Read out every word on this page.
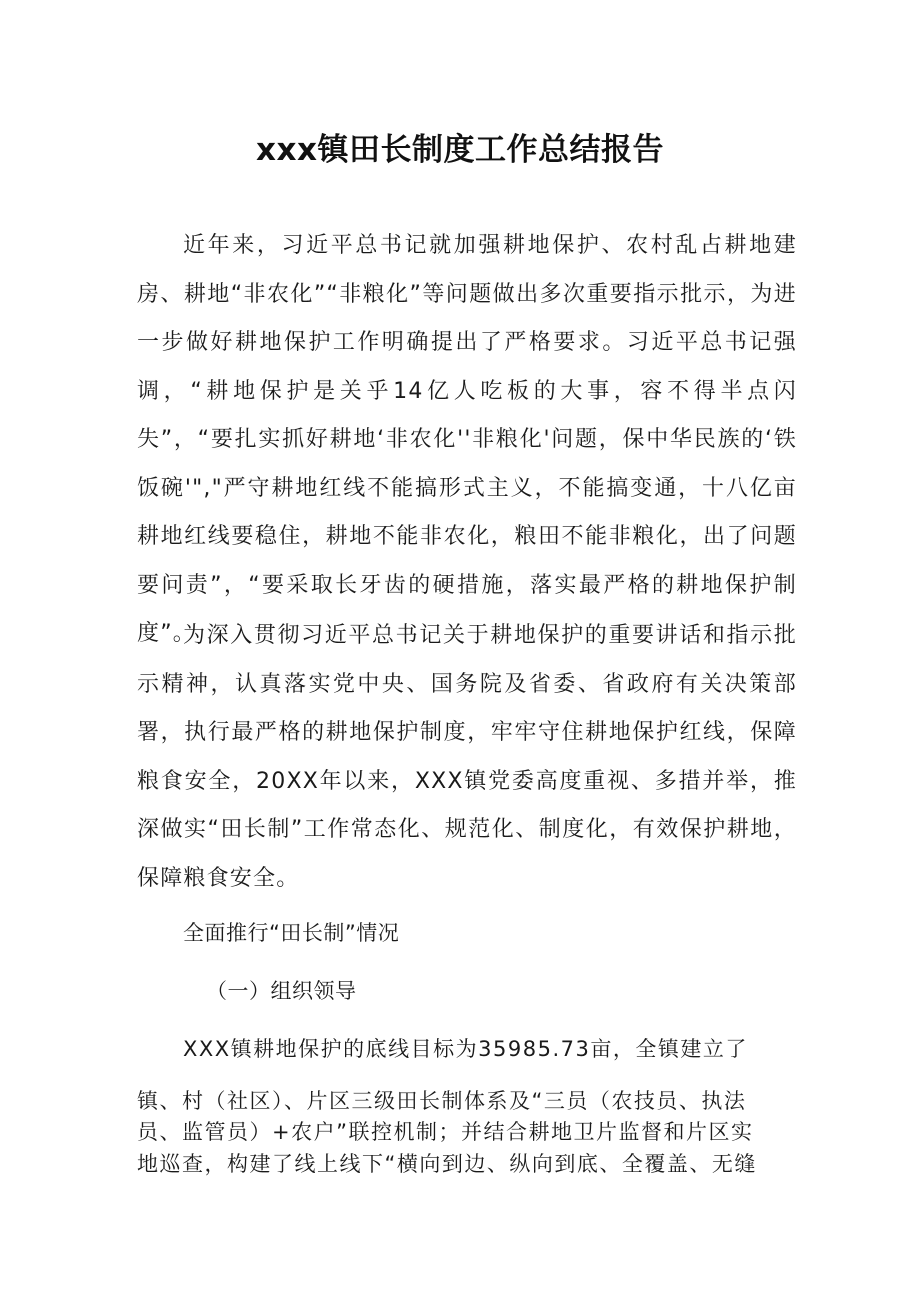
xxx镇田长制度工作总结报告

近年来，习近平总书记就加强耕地保护、农村乱占耕地建房、耕地“非农化”“非粮化”等问题做出多次重要指示批示，为进一步做好耕地保护工作明确提出了严格要求。习近平总书记强调，“耕地保护是关乎14亿人吃板的大事，容不得半点闪失”，“要扎实抓好耕地‘非农化''非粮化'问题，保中华民族的‘铁饭碗'","严守耕地红线不能搞形式主义，不能搞变通，十八亿亩耕地红线要稳住，耕地不能非农化，粮田不能非粮化，出了问题要问责”，“要采取长牙齿的硬措施，落实最严格的耕地保护制度”。

为深入贯彻习近平总书记关于耕地保护的重要讲话和指示批示精神，认真落实党中央、国务院及省委、省政府有关决策部署，执行最严格的耕地保护制度，牢牢守住耕地保护红线，保障粮食安全，20XX年以来，XXX镇党委高度重视、多措并举，推深做实“田长制”工作常态化、规范化、制度化，有效保护耕地，保障粮食安全。

全面推行“田长制”情况
（一）组织领导

XXX镇耕地保护的底线目标为35985.73亩，全镇建立了

镇、村（社区）、片区三级田长制体系及“三员（农技员、执法

员、监管员）+农户”联控机制；并结合耕地卫片监督和片区实

地巡查，构建了线上线下“横向到边、纵向到底、全覆盖、无缝
